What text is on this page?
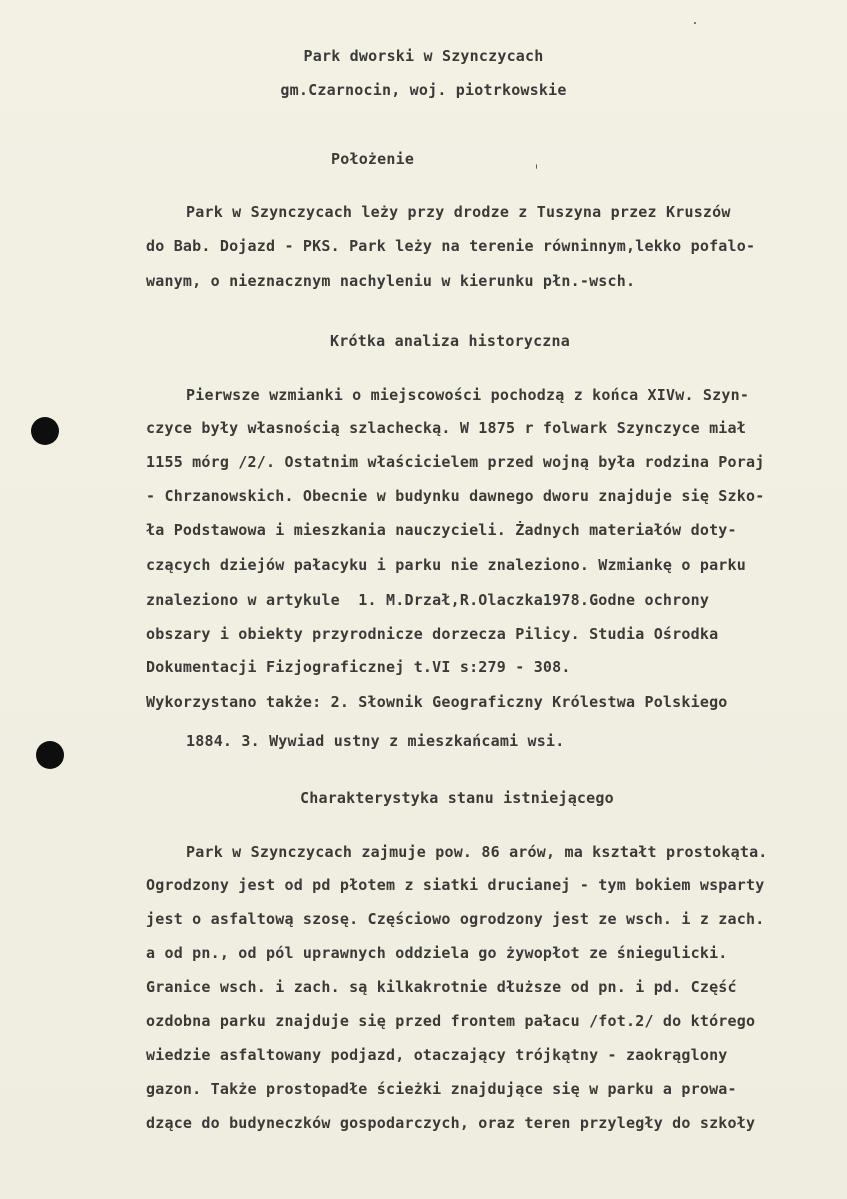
Park dworski w Szynczycach
gm.Czarnocin, woj. piotrkowskie
Położenie
Park w Szynczycach leży przy drodze z Tuszyna przez Kruszów
do Bab. Dojazd - PKS. Park leży na terenie równinnym,lekko pofalo-
wanym, o nieznacznym nachyleniu w kierunku płn.-wsch.
Krótka analiza historyczna
Pierwsze wzmianki o miejscowości pochodzą z końca XIVw. Szyn-
czyce były własnością szlachecką. W 1875 r folwark Szynczyce miał
1155 mórg /2/. Ostatnim właścicielem przed wojną była rodzina Poraj
- Chrzanowskich. Obecnie w budynku dawnego dworu znajduje się Szko-
ła Podstawowa i mieszkania nauczycieli. Żadnych materiałów doty-
czących dziejów pałacyku i parku nie znaleziono. Wzmiankę o parku
znaleziono w artykule  1. M.Drzał,R.Olaczka1978.Godne ochrony
obszary i obiekty przyrodnicze dorzecza Pilicy. Studia Ośrodka
Dokumentacji Fizjograficznej t.VI s:279 - 308.
Wykorzystano także: 2. Słownik Geograficzny Królestwa Polskiego
1884. 3. Wywiad ustny z mieszkańcami wsi.
Charakterystyka stanu istniejącego
Park w Szynczycach zajmuje pow. 86 arów, ma kształt prostokąta.
Ogrodzony jest od pd płotem z siatki drucianej - tym bokiem wsparty
jest o asfaltową szosę. Częściowo ogrodzony jest ze wsch. i z zach.
a od pn., od pól uprawnych oddziela go żywopłot ze śniegulicki.
Granice wsch. i zach. są kilkakrotnie dłuższe od pn. i pd. Część
ozdobna parku znajduje się przed frontem pałacu /fot.2/ do którego
wiedzie asfaltowany podjazd, otaczający trójkątny - zaokrąglony
gazon. Także prostopadłe ścieżki znajdujące się w parku a prowa-
dzące do budyneczków gospodarczych, oraz teren przyległy do szkoły
